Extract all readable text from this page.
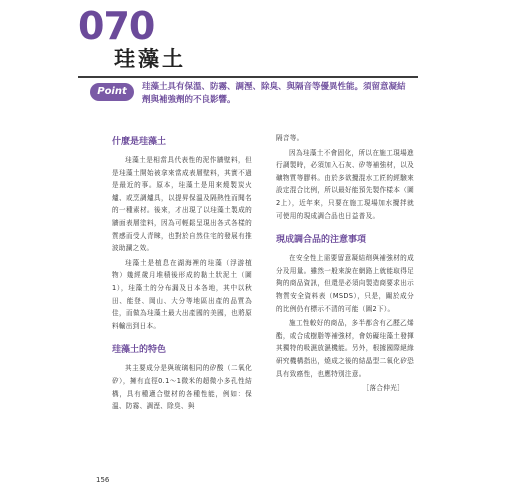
070
珪藻土
Point	珪藻土具有保溫、防霧、調溼、除臭、與隔音等優異性能。須留意凝結劑與補強劑的不良影響。
什麼是珪藻土

珪藻土是相當具代表性的泥作牆壁料，但是珪藻土開始被拿來當成表層壁料，其實不過是最近的事。原本，珪藻土是用來燒製炭火爐、或烹調爐具，以提昇保溫及隔熱性而聞名的一種素材。後來，才出現了以珪藻土製成的牆面表層塗料，因為可輕鬆呈現出各式各樣的質感而受人青睞，也對於自然住宅的發展有推波助瀾之效。

珪藻土是植息在湖海裡的珪藻（浮游植物）幾經歲月堆積後形成的黏土狀泥土（圖1），珪藻土的分布漏及日本各地，其中以秋田、能登、岡山、大分等地區出產的品質為佳，而做為珪藻土最大出產國的美國，也將原料輸出到日本。

珪藻土的特色

其主要成分是與玻璃相同的矽酸（二氧化矽），擁有直徑0.1〜1微米的超微小多孔性結構，具有種適合壁材的各種性能，例如：保溫、防霧、調溼、除臭、與

隔音等。

因為珪藻土不會固化，所以在施工現場進行調製時，必須加入石灰、矽等補強材，以及礦物質等膠料。由於多欲攪混水工匠的經驗來設定混合比例，所以最好能預先製作樣本（圖2上），近年來，只要在施工現場加水攪拌就可使用的現成調合品也日益普及。

現成調合品的注意事項

在安全性上需要留意凝結劑與補強材的成分及用量。雖然一般來說在網路上就能取得足夠的商品資訊，但還是必須向製造商要求出示物質安全資料表（MSDS），只是，關於成分的比例仍有標示不清的可能（圖2下）。

施工性較好的商品，多半都含有乙醛乙烯酯，或合成樹脂等補強材，會妨礙珪藻土發揮其獨特的吸濕放濕機能。另外，根據國際絕緣研究機構指出，燒成之後的結晶型二氧化矽恐具有致癌性，也應特別注意。

［落合伸光］

156
